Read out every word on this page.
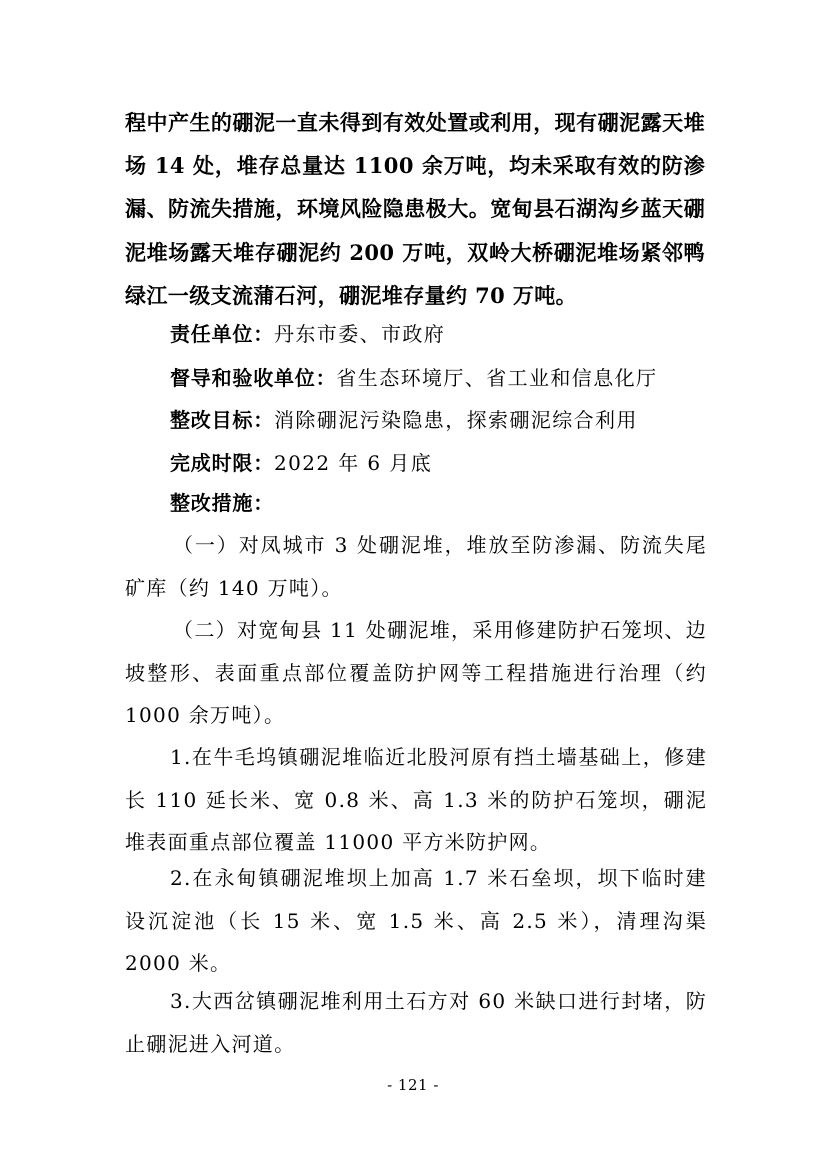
程中产生的硼泥一直未得到有效处置或利用，现有硼泥露天堆场 14 处，堆存总量达 1100 余万吨，均未采取有效的防渗漏、防流失措施，环境风险隐患极大。宽甸县石湖沟乡蓝天硼泥堆场露天堆存硼泥约 200 万吨，双岭大桥硼泥堆场紧邻鸭绿江一级支流蒲石河，硼泥堆存量约 70 万吨。

责任单位：丹东市委、市政府

督导和验收单位：省生态环境厅、省工业和信息化厅

整改目标：消除硼泥污染隐患，探索硼泥综合利用

完成时限：2022 年 6 月底

整改措施：

（一）对凤城市 3 处硼泥堆，堆放至防渗漏、防流失尾矿库（约 140 万吨）。

（二）对宽甸县 11 处硼泥堆，采用修建防护石笼坝、边坡整形、表面重点部位覆盖防护网等工程措施进行治理（约 1000 余万吨）。

1.在牛毛坞镇硼泥堆临近北股河原有挡土墙基础上，修建长 110 延长米、宽 0.8 米、高 1.3 米的防护石笼坝，硼泥堆表面重点部位覆盖 11000 平方米防护网。

2.在永甸镇硼泥堆坝上加高 1.7 米石垒坝，坝下临时建设沉淀池（长 15 米、宽 1.5 米、高 2.5 米），清理沟渠 2000 米。

3.大西岔镇硼泥堆利用土石方对 60 米缺口进行封堵，防止硼泥进入河道。

- 121 -
